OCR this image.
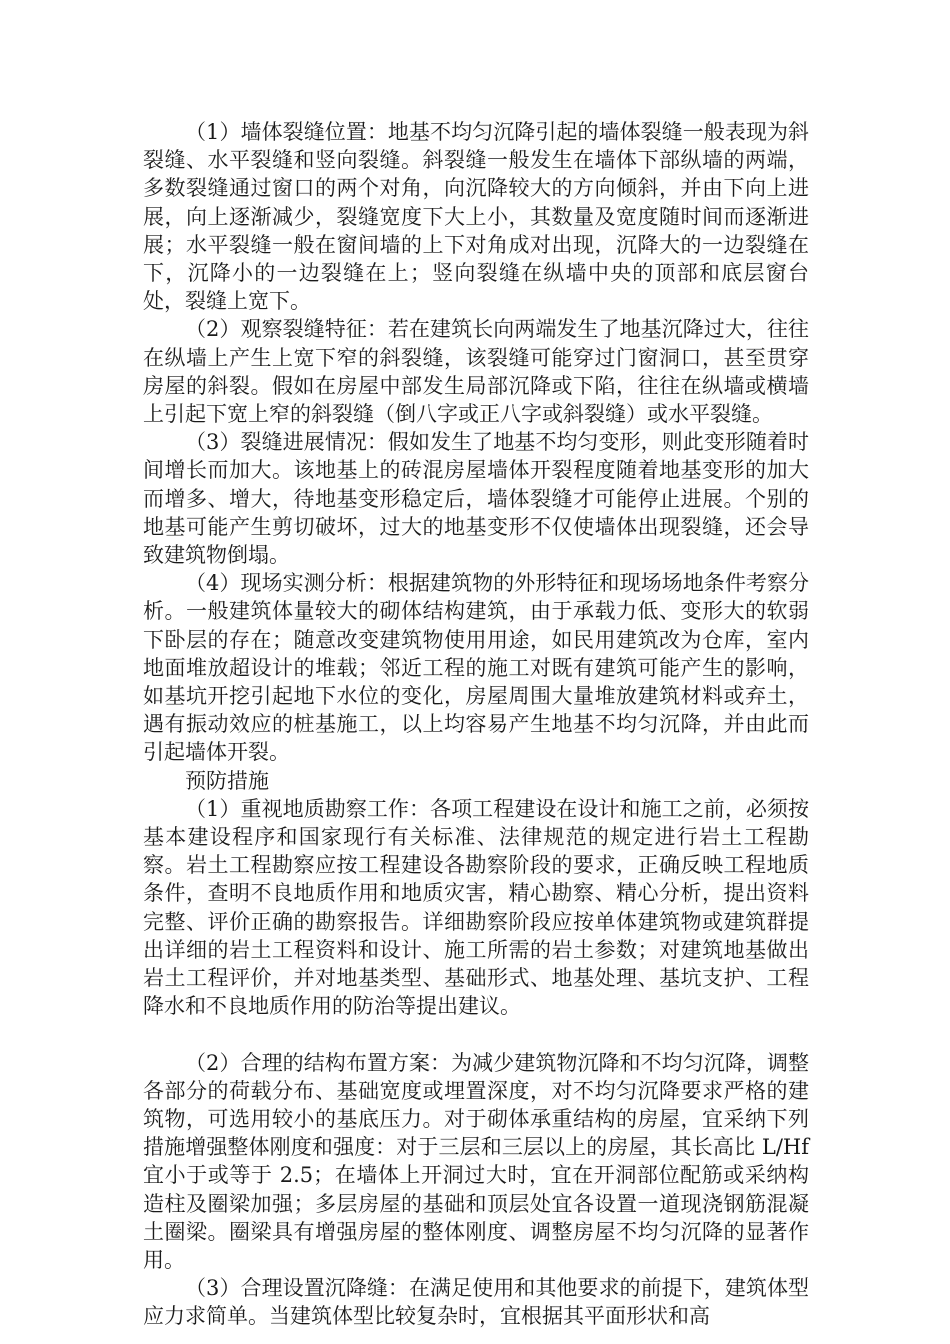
（1）墙体裂缝位置：地基不均匀沉降引起的墙体裂缝一般表现为斜裂缝、水平裂缝和竖向裂缝。斜裂缝一般发生在墙体下部纵墙的两端，多数裂缝通过窗口的两个对角，向沉降较大的方向倾斜，并由下向上进展，向上逐渐减少，裂缝宽度下大上小，其数量及宽度随时间而逐渐进展；水平裂缝一般在窗间墙的上下对角成对出现，沉降大的一边裂缝在下，沉降小的一边裂缝在上；竖向裂缝在纵墙中央的顶部和底层窗台处，裂缝上宽下。

（2）观察裂缝特征：若在建筑长向两端发生了地基沉降过大，往往在纵墙上产生上宽下窄的斜裂缝，该裂缝可能穿过门窗洞口，甚至贯穿房屋的斜裂。假如在房屋中部发生局部沉降或下陷，往往在纵墙或横墙上引起下宽上窄的斜裂缝（倒八字或正八字或斜裂缝）或水平裂缝。

（3）裂缝进展情况：假如发生了地基不均匀变形，则此变形随着时间增长而加大。该地基上的砖混房屋墙体开裂程度随着地基变形的加大而增多、增大，待地基变形稳定后，墙体裂缝才可能停止进展。个别的地基可能产生剪切破坏，过大的地基变形不仅使墙体出现裂缝，还会导致建筑物倒塌。

（4）现场实测分析：根据建筑物的外形特征和现场场地条件考察分析。一般建筑体量较大的砌体结构建筑，由于承载力低、变形大的软弱下卧层的存在；随意改变建筑物使用用途，如民用建筑改为仓库，室内地面堆放超设计的堆载；邻近工程的施工对既有建筑可能产生的影响，如基坑开挖引起地下水位的变化，房屋周围大量堆放建筑材料或弃土，遇有振动效应的桩基施工，以上均容易产生地基不均匀沉降，并由此而引起墙体开裂。

预防措施

（1）重视地质勘察工作：各项工程建设在设计和施工之前，必须按基本建设程序和国家现行有关标准、法律规范的规定进行岩土工程勘察。岩土工程勘察应按工程建设各勘察阶段的要求，正确反映工程地质条件，查明不良地质作用和地质灾害，精心勘察、精心分析，提出资料完整、评价正确的勘察报告。详细勘察阶段应按单体建筑物或建筑群提出详细的岩土工程资料和设计、施工所需的岩土参数；对建筑地基做出岩土工程评价，并对地基类型、基础形式、地基处理、基坑支护、工程降水和不良地质作用的防治等提出建议。

（2）合理的结构布置方案：为减少建筑物沉降和不均匀沉降，调整各部分的荷载分布、基础宽度或埋置深度，对不均匀沉降要求严格的建筑物，可选用较小的基底压力。对于砌体承重结构的房屋，宜采纳下列措施增强整体刚度和强度：对于三层和三层以上的房屋，其长高比 L/Hf 宜小于或等于 2.5；在墙体上开洞过大时，宜在开洞部位配筋或采纳构造柱及圈梁加强；多层房屋的基础和顶层处宜各设置一道现浇钢筋混凝土圈梁。圈梁具有增强房屋的整体刚度、调整房屋不均匀沉降的显著作用。

（3）合理设置沉降缝：在满足使用和其他要求的前提下，建筑体型应力求简单。当建筑体型比较复杂时，宜根据其平面形状和高
